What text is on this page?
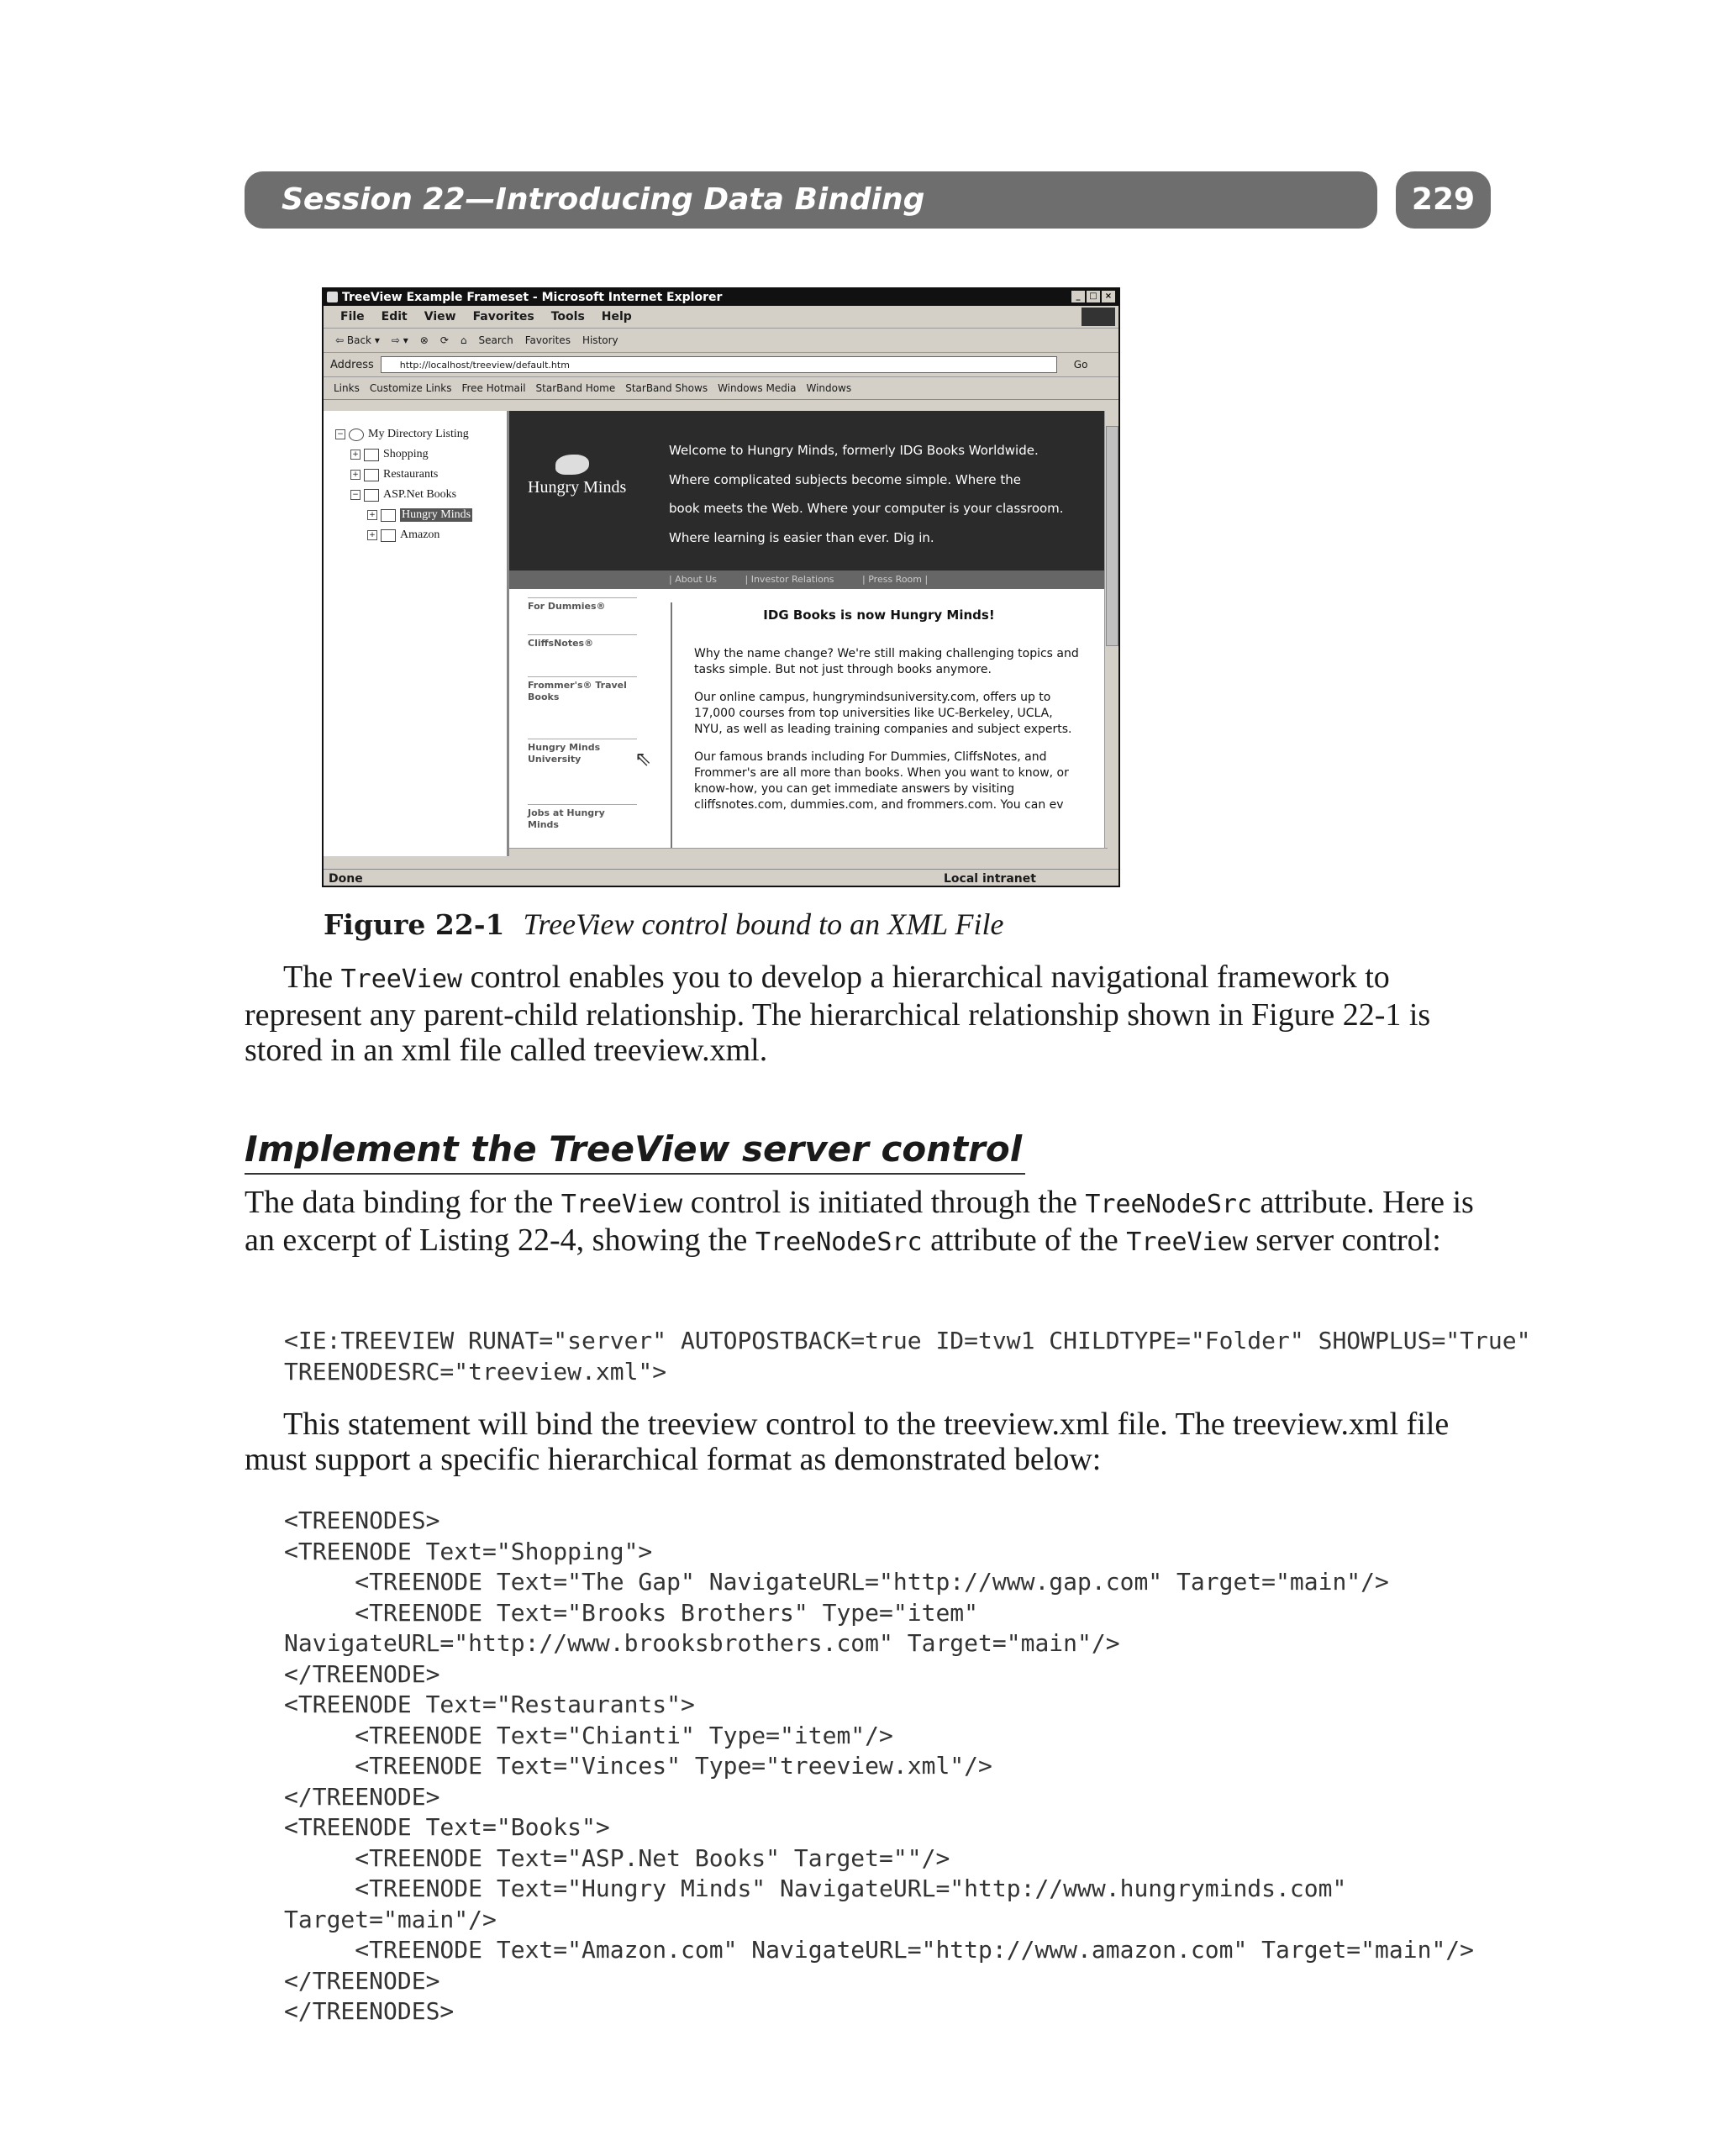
Session 22—Introducing Data Binding	229
TreeView Example Frameset - Microsoft Internet Explorer	_	□ ×
File Edit View Favorites Tools Help
⇦ Back ▾ ⇨ ▾ ⊗ ⟳ ⌂ Search Favorites History
Address	http://localhost/treeview/default.htm	Go
Links Customize Links Free Hotmail StarBand Home StarBand Shows Windows Media Windows
− My Directory Listing
+ Shopping
+ Restaurants
− ASP.Net Books
+ Hungry Minds
+ Amazon
Hungry Minds
Welcome to Hungry Minds, formerly IDG Books Worldwide.
Where complicated subjects become simple. Where the
book meets the Web. Where your computer is your classroom.
Where learning is easier than ever. Dig in.
| About Us	| Investor Relations	| Press Room |
For Dummies®
CliffsNotes®
Frommer's® Travel Books
Hungry Minds University
Jobs at Hungry Minds
IDG Books is now Hungry Minds!

Why the name change? We're still making challenging topics and
tasks simple. But not just through books anymore.

Our online campus, hungrymindsuniversity.com, offers up to
17,000 courses from top universities like UC-Berkeley, UCLA,
NYU, as well as leading training companies and subject experts.

Our famous brands including For Dummies, CliffsNotes, and
Frommer's are all more than books. When you want to know, or
know-how, you can get immediate answers by visiting
cliffsnotes.com, dummies.com, and frommers.com. You can ev

⇖
Done	Local intranet
Figure 22-1 TreeView control bound to an XML File
The TreeView control enables you to develop a hierarchical navigational framework to represent any parent-child relationship. The hierarchical relationship shown in Figure 22-1 is stored in an xml file called treeview.xml.
Implement the TreeView server control
The data binding for the TreeView control is initiated through the TreeNodeSrc attribute. Here is an excerpt of Listing 22-4, showing the TreeNodeSrc attribute of the TreeView server control:
<IE:TREEVIEW RUNAT="server" AUTOPOSTBACK=true ID=tvw1 CHILDTYPE="Folder" SHOWPLUS="True"
TREENODESRC="treeview.xml">
This statement will bind the treeview control to the treeview.xml file. The treeview.xml file must support a specific hierarchical format as demonstrated below:
<TREENODES>
<TREENODE Text="Shopping">
<TREENODE Text="The Gap" NavigateURL="http://www.gap.com" Target="main"/>
<TREENODE Text="Brooks Brothers" Type="item"
NavigateURL="http://www.brooksbrothers.com" Target="main"/>
</TREENODE>
<TREENODE Text="Restaurants">
<TREENODE Text="Chianti" Type="item"/>
<TREENODE Text="Vinces" Type="treeview.xml"/>
</TREENODE>
<TREENODE Text="Books">
<TREENODE Text="ASP.Net Books" Target=""/>
<TREENODE Text="Hungry Minds" NavigateURL="http://www.hungryminds.com"
Target="main"/>
<TREENODE Text="Amazon.com" NavigateURL="http://www.amazon.com" Target="main"/>
</TREENODE>
</TREENODES>
